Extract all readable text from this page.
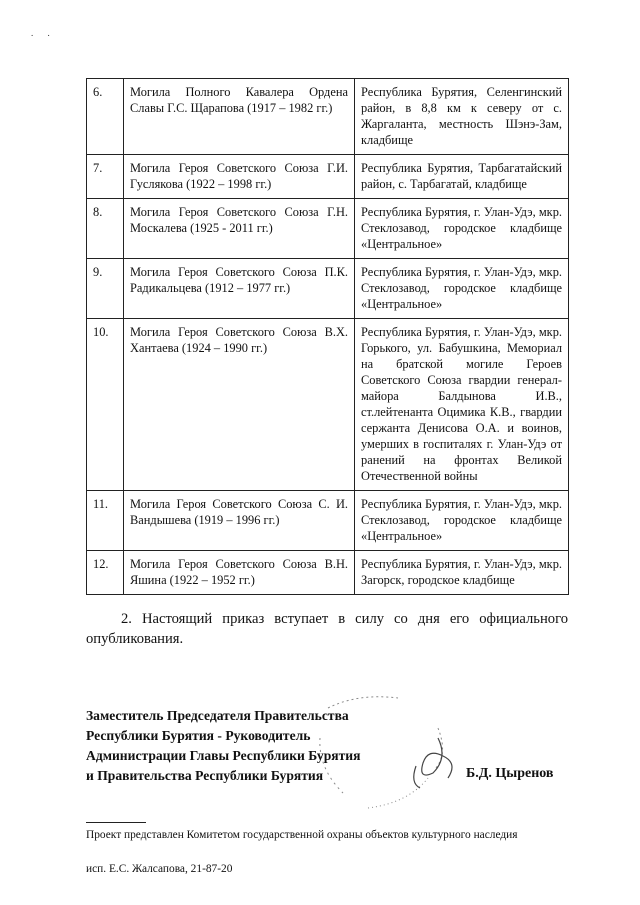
. .
6.	Могила Полного Кавалера Ордена Славы Г.С. Щарапова (1917 – 1982 гг.)	Республика Бурятия, Селенгинский район, в 8,8 км к северу от с. Жаргаланта, местность Шэнэ-Зам, кладбище
7.	Могила Героя Советского Союза Г.И. Гуслякова (1922 – 1998 гг.)	Республика Бурятия, Тарбагатайский район, с. Тарбагатай, кладбище
8.	Могила Героя Советского Союза Г.Н. Москалева (1925 - 2011 гг.)	Республика Бурятия, г. Улан-Удэ, мкр. Стеклозавод, городское кладбище «Центральное»
9.	Могила Героя Советского Союза П.К. Радикальцева (1912 – 1977 гг.)	Республика Бурятия, г. Улан-Удэ, мкр. Стеклозавод, городское кладбище «Центральное»
10.	Могила Героя Советского Союза В.Х. Хантаева (1924 – 1990 гг.)	Республика Бурятия, г. Улан-Удэ, мкр. Горького, ул. Бабушкина, Мемориал на братской могиле Героев Советского Союза гвардии генерал-майора Балдынова И.В., ст.лейтенанта Оцимика К.В., гвардии сержанта Денисова О.А. и воинов, умерших в госпиталях г. Улан-Удэ от ранений на фронтах Великой Отечественной войны
11.	Могила Героя Советского Союза С. И. Вандышева (1919 – 1996 гг.)	Республика Бурятия, г. Улан-Удэ, мкр. Стеклозавод, городское кладбище «Центральное»
12.	Могила Героя Советского Союза В.Н. Яшина (1922 – 1952 гг.)	Республика Бурятия, г. Улан-Удэ, мкр. Загорск, городское кладбище
2. Настоящий приказ вступает в силу со дня его официального опубликования.
Заместитель Председателя Правительства
Республики Бурятия - Руководитель
Администрации Главы Республики Бурятия
и Правительства Республики Бурятия	Б.Д. Цыренов
Проект представлен Комитетом государственной охраны объектов культурного наследия
исп. Е.С. Жалсапова, 21-87-20
